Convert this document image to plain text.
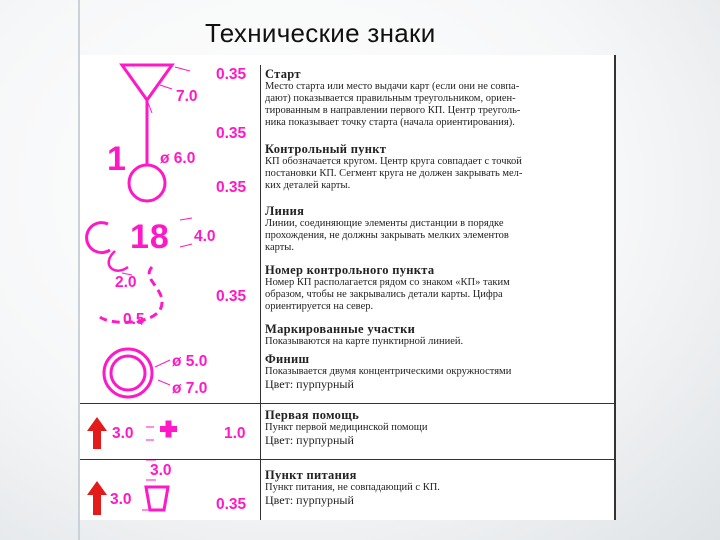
Технические знаки
0.35
7.0
0.35
1 ø 6.0
0.35
18 4.0
2.0
0.35
0.5
ø 5.0
ø 7.0
3.0	1.0
3.0
3.0	0.35
Старт
Место старта или место выдачи карт (если они не совпа-
дают) показывается правильным треугольником, ориен-
тированным в направлении первого КП. Центр треуголь-
ника показывает точку старта (начала ориентирования).
Контрольный пункт
КП обозначается кругом. Центр круга совпадает с точкой
постановки КП. Сегмент круга не должен закрывать мел-
ких деталей карты.
Линия
Линии, соединяющие элементы дистанции в порядке
прохождения, не должны закрывать мелких элементов
карты.
Номер контрольного пункта
Номер КП располагается рядом со знаком «КП» таким
образом, чтобы не закрывались детали карты. Цифра
ориентируется на север.
Маркированные участки
Показываются на карте пунктирной линией.
Финиш
Показывается двумя концентрическими окружностями
Цвет: пурпурный
Первая помощь
Пункт первой медицинской помощи
Цвет: пурпурный
Пункт питания
Пункт питания, не совпадающий с КП.
Цвет: пурпурный
